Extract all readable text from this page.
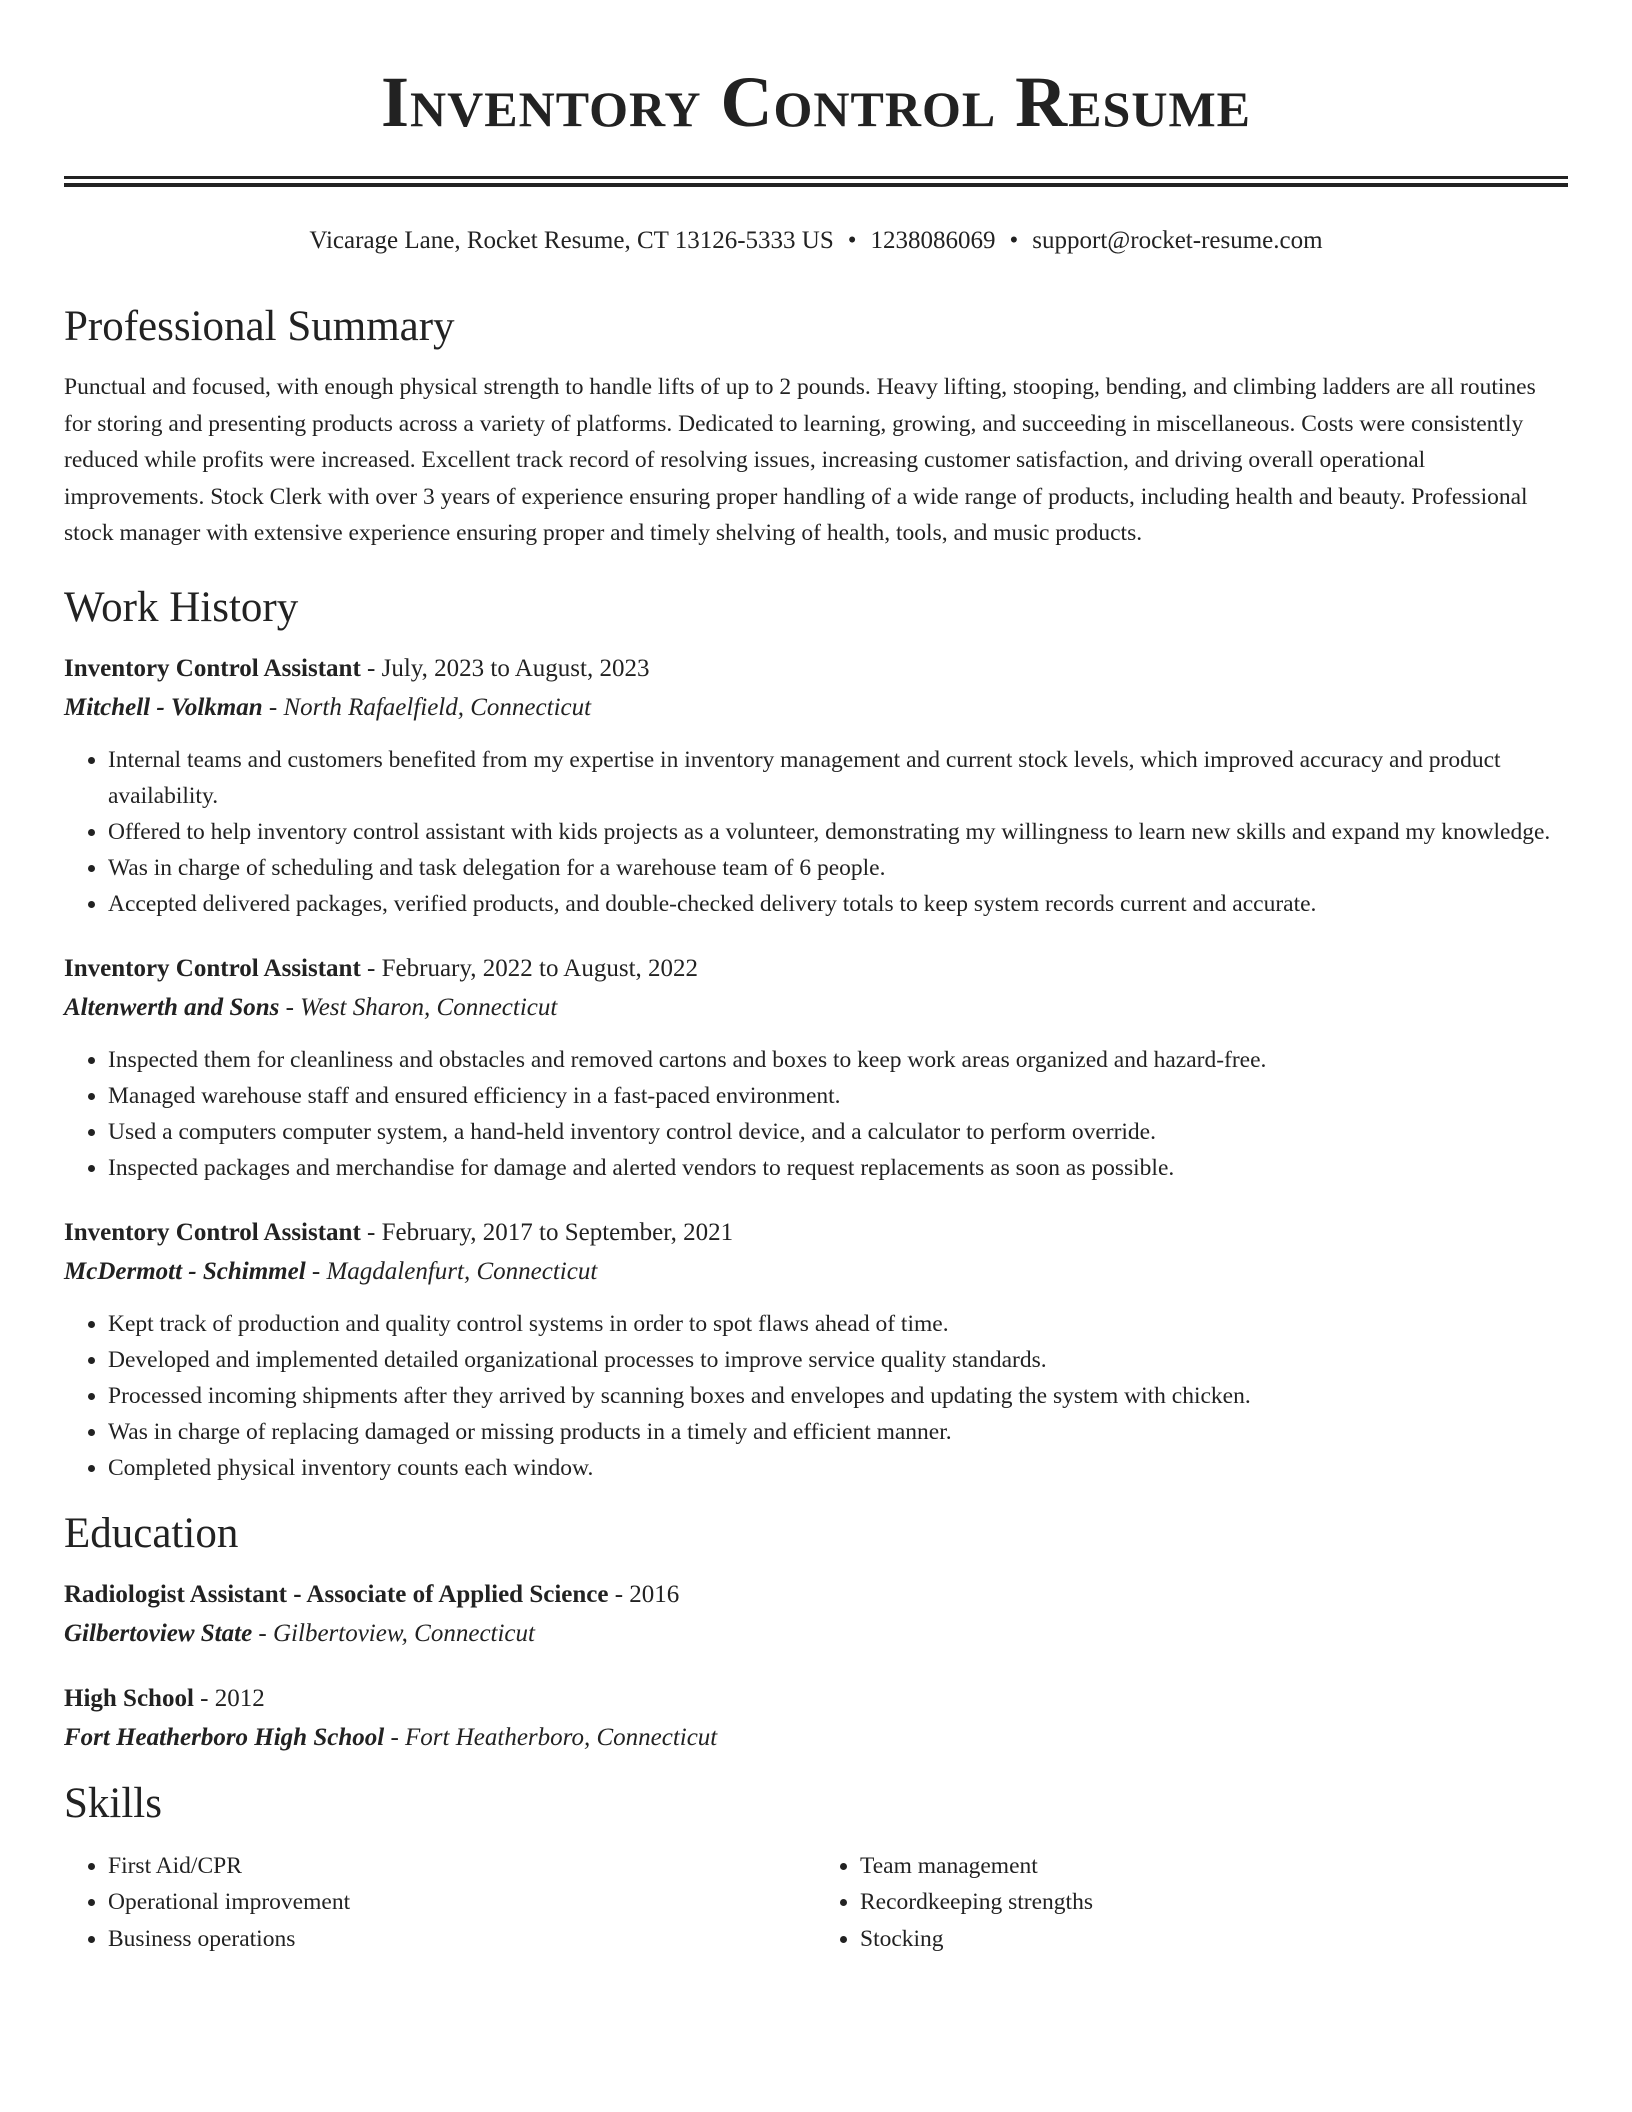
Inventory Control Resume
Vicarage Lane, Rocket Resume, CT 13126-5333 US • 1238086069 • support@rocket-resume.com
Professional Summary

Punctual and focused, with enough physical strength to handle lifts of up to 2 pounds. Heavy lifting, stooping, bending, and climbing ladders are all routines for storing and presenting products across a variety of platforms. Dedicated to learning, growing, and succeeding in miscellaneous. Costs were consistently reduced while profits were increased. Excellent track record of resolving issues, increasing customer satisfaction, and driving overall operational improvements. Stock Clerk with over 3 years of experience ensuring proper handling of a wide range of products, including health and beauty. Professional stock manager with extensive experience ensuring proper and timely shelving of health, tools, and music products.

Work History

Inventory Control Assistant - July, 2023 to August, 2023

Mitchell - Volkman - North Rafaelfield, Connecticut

• Internal teams and customers benefited from my expertise in inventory management and current stock levels, which improved accuracy and product availability.
• Offered to help inventory control assistant with kids projects as a volunteer, demonstrating my willingness to learn new skills and expand my knowledge.
• Was in charge of scheduling and task delegation for a warehouse team of 6 people.
• Accepted delivered packages, verified products, and double-checked delivery totals to keep system records current and accurate.

Inventory Control Assistant - February, 2022 to August, 2022

Altenwerth and Sons - West Sharon, Connecticut

• Inspected them for cleanliness and obstacles and removed cartons and boxes to keep work areas organized and hazard-free.
• Managed warehouse staff and ensured efficiency in a fast-paced environment.
• Used a computers computer system, a hand-held inventory control device, and a calculator to perform override.
• Inspected packages and merchandise for damage and alerted vendors to request replacements as soon as possible.

Inventory Control Assistant - February, 2017 to September, 2021

McDermott - Schimmel - Magdalenfurt, Connecticut

• Kept track of production and quality control systems in order to spot flaws ahead of time.
• Developed and implemented detailed organizational processes to improve service quality standards.
• Processed incoming shipments after they arrived by scanning boxes and envelopes and updating the system with chicken.
• Was in charge of replacing damaged or missing products in a timely and efficient manner.
• Completed physical inventory counts each window.
Education

Radiologist Assistant - Associate of Applied Science - 2016

Gilbertoview State - Gilbertoview, Connecticut

High School - 2012

Fort Heatherboro High School - Fort Heatherboro, Connecticut

Skills
• First Aid/CPR
• Operational improvement
• Business operations
• Team management
• Recordkeeping strengths
• Stocking
